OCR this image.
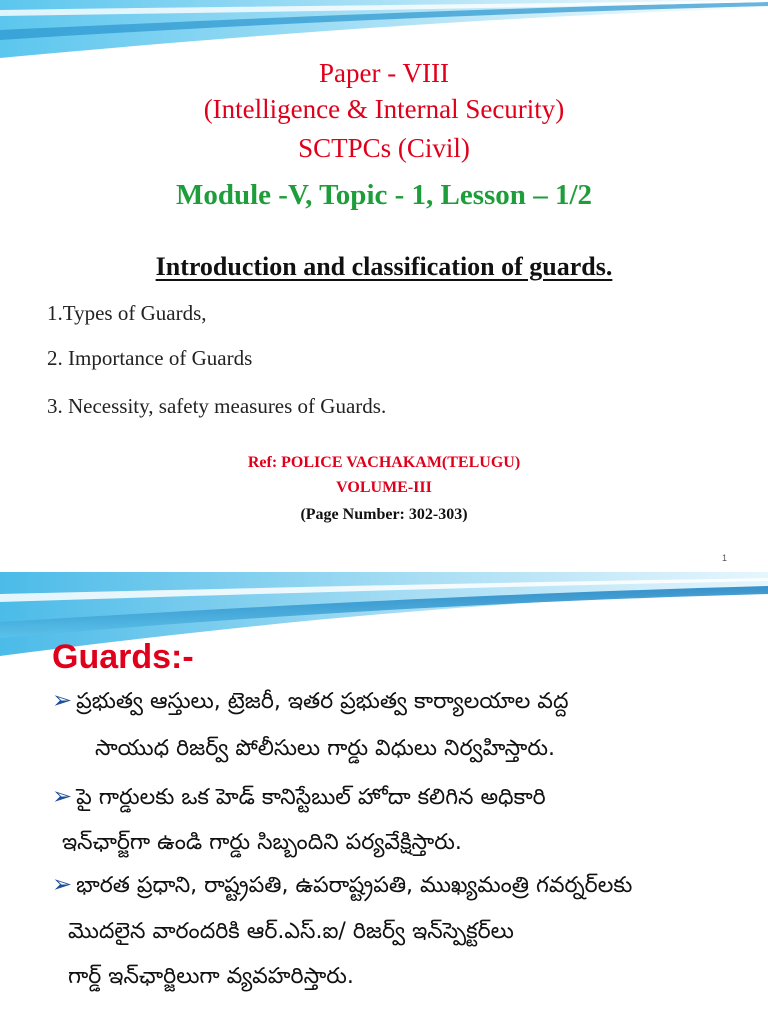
Paper - VIII
(Intelligence & Internal Security)
SCTPCs (Civil)
Module -V, Topic - 1, Lesson – 1/2
Introduction and classification of guards.
1.Types of Guards,
2. Importance of Guards
3. Necessity, safety measures of Guards.
Ref: POLICE VACHAKAM(TELUGU)
VOLUME-III
(Page Number: 302-303)
1
Guards:-
➢ ప్రభుత్వ ఆస్తులు, ట్రెజరీ, ఇతర ప్రభుత్వ కార్యాలయాల వద్ద
సాయుధ రిజర్వ్ పోలీసులు గార్డు విధులు నిర్వహిస్తారు.
➢ పై గార్డులకు ఒక హెడ్ కానిస్టేబుల్ హోదా కలిగిన అధికారి
ఇన్‌ఛార్జ్‌గా ఉండి గార్డు సిబ్బందిని పర్యవేక్షిస్తారు.
➢ భారత ప్రధాని, రాష్ట్రపతి, ఉపరాష్ట్రపతి, ముఖ్యమంత్రి గవర్నర్‌లకు
మొదలైన వారందరికి ఆర్.ఎస్.ఐ/ రిజర్వ్ ఇన్‌స్పెక్టర్‌లు
గార్డ్ ఇన్‌ఛార్జిలుగా వ్యవహరిస్తారు.
